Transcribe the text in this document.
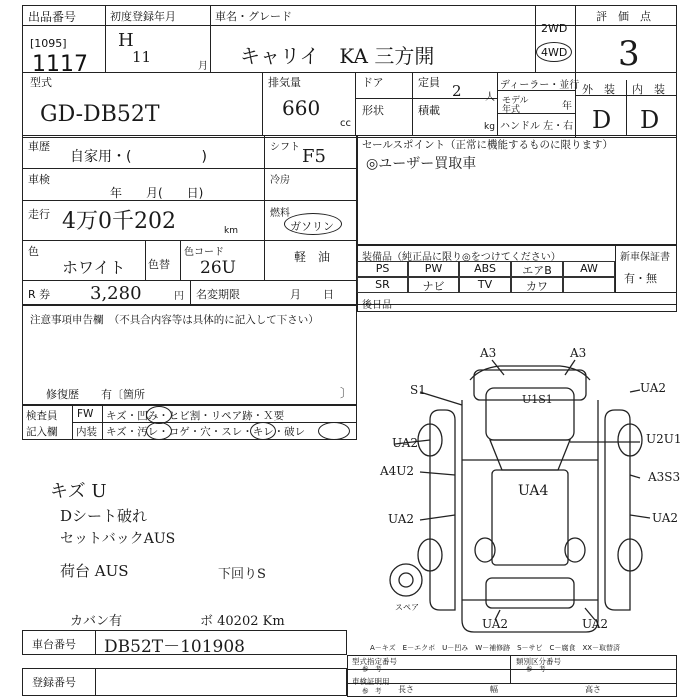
出品番号
[1095]
1117
初度登録年月
H
11
月
車名・グレード
キャリイ　KA 三方開
2WD
4WD
評　価　点
3
型式
GD-DB52T
排気量
660
cc
ドア	定員 2 人
形状	積載
kg
ディーラー・並行
モデル
年式	年
ハンドル 左・右
外　装 内　装
D D
車歴
自家用・(　　　　　)
シフト F5
車検
年　　月(　　日)
冷房
走行 4万0千202	km
燃料
ガソリン
軽　油
色
ホワイト 色替
色コード
26U
R 券 3,280	円 名変期限	月　　日
セールスポイント（正常に機能するものに限ります）
◎ユーザー買取車
装備品（純正品に限り◎をつけてください）	新車保証書
有・無
PS	PW	ABS	エアB	AW
SR	ナビ	TV	カワ
後日品
注意事項申告欄　（不具合内容等は具体的に記入して下さい）
修復歴　　有〔箇所	〕
検査員
記入欄
FW キズ・凹み・ヒビ割・リペア跡・Ｘ要
内装 キズ・汚レ・コゲ・穴・スレ・キレ・破レ
キズ U
Dシート破れ
セットバックAUS
荷台 AUS	下回りS
カバン有	ボ 40202 Km
A3	A3
S1
U1S1
UA2
UA2	U2U1
A4U2
UA4
A3S3
UA2	UA2
UA2	UA2
スペア
A－キズ　E－エクボ　U－凹み　W－補修跡　S－サビ　C－腐食　XX－取替済
車台番号 DB52T－101908
登録番号
型式指定番号
参　考
類別区分番号
参　考
車検証明用
参　考 長さ	幅	高さ
